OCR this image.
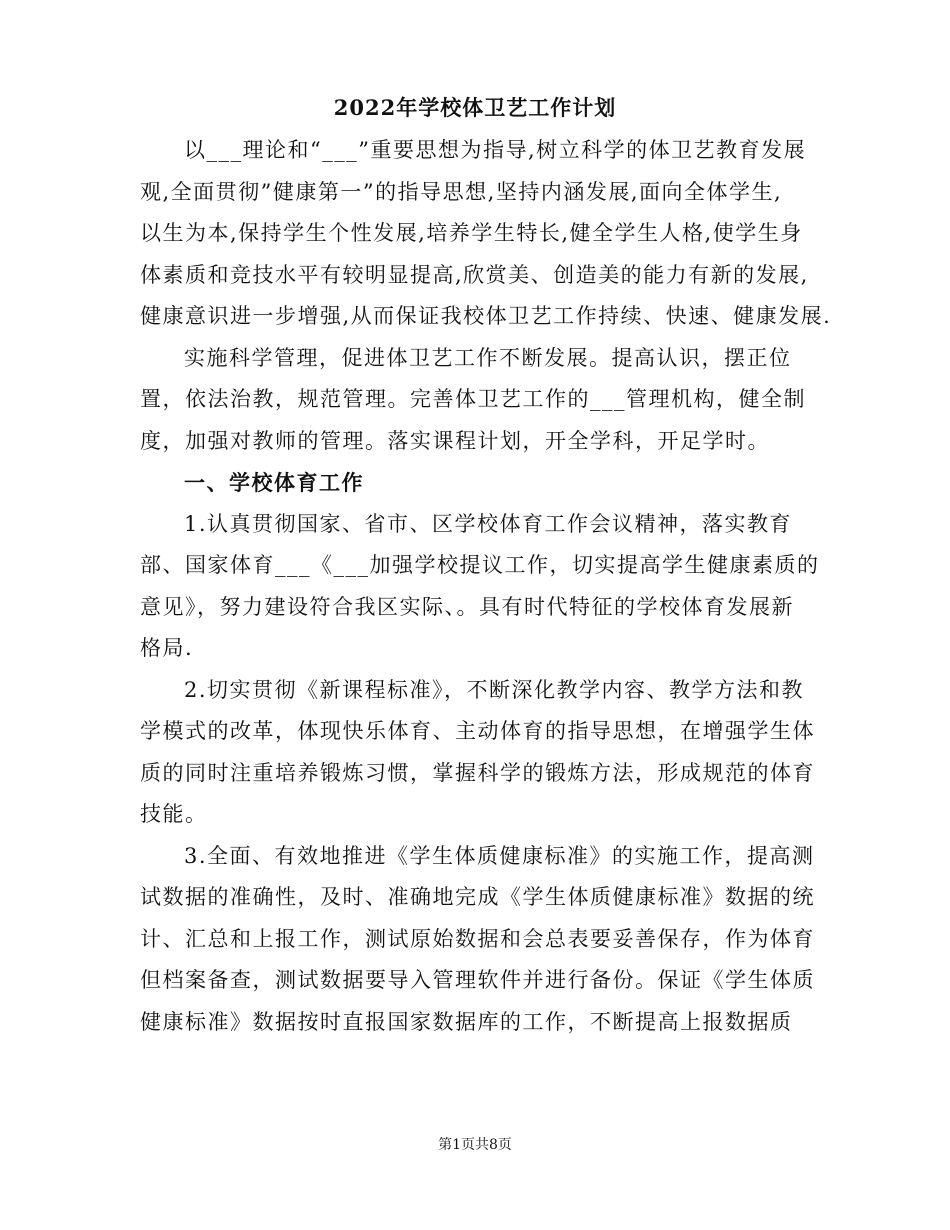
2022年学校体卫艺工作计划
以___理论和“___”重要思想为指导,树立科学的体卫艺教育发展
观,全面贯彻”健康第一”的指导思想,坚持内涵发展,面向全体学生,
以生为本,保持学生个性发展,培养学生特长,健全学生人格,使学生身
体素质和竞技水平有较明显提高,欣赏美、创造美的能力有新的发展,
健康意识进一步增强,从而保证我校体卫艺工作持续、快速、健康发展.
实施科学管理，促进体卫艺工作不断发展。提高认识，摆正位
置，依法治教，规范管理。完善体卫艺工作的___管理机构，健全制
度，加强对教师的管理。落实课程计划，开全学科，开足学时。
一、学校体育工作
1.认真贯彻国家、省市、区学校体育工作会议精神，落实教育
部、国家体育___《___加强学校提议工作，切实提高学生健康素质的
意见》，努力建设符合我区实际、。具有时代特征的学校体育发展新
格局.
2.切实贯彻《新课程标准》，不断深化教学内容、教学方法和教
学模式的改革，体现快乐体育、主动体育的指导思想，在增强学生体
质的同时注重培养锻炼习惯，掌握科学的锻炼方法，形成规范的体育
技能。
3.全面、有效地推进《学生体质健康标准》的实施工作，提高测
试数据的准确性，及时、准确地完成《学生体质健康标准》数据的统
计、汇总和上报工作，测试原始数据和会总表要妥善保存，作为体育
但档案备查，测试数据要导入管理软件并进行备份。保证《学生体质
健康标准》数据按时直报国家数据库的工作，不断提高上报数据质
第1页共8页
